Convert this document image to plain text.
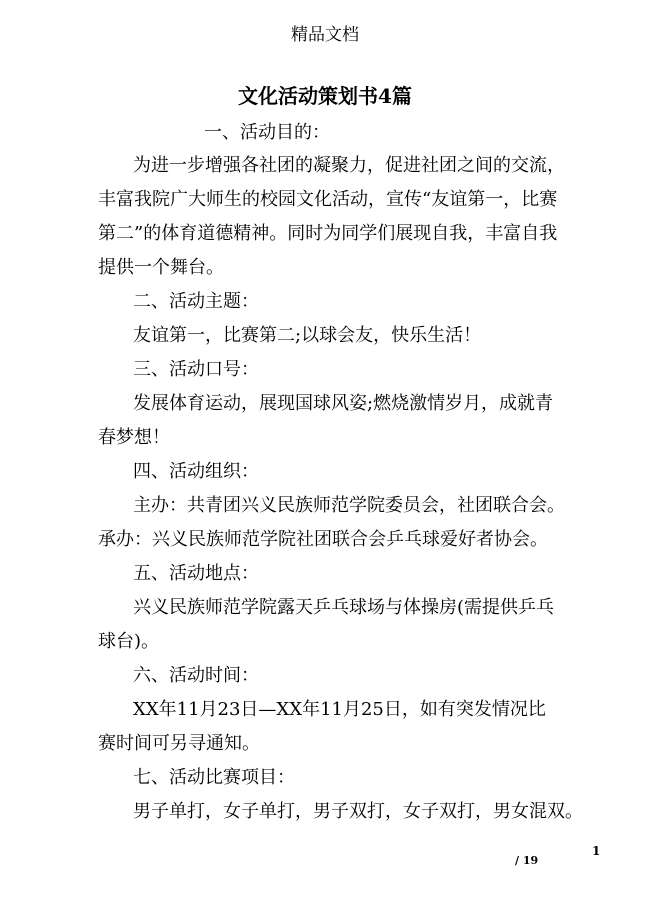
精品文档
文化活动策划书4篇
一、活动目的：
为进一步增强各社团的凝聚力，促进社团之间的交流，
丰富我院广大师生的校园文化活动，宣传“友谊第一，比赛
第二”的体育道德精神。同时为同学们展现自我，丰富自我
提供一个舞台。
二、活动主题：
友谊第一，比赛第二;以球会友，快乐生活！
三、活动口号：
发展体育运动，展现国球风姿;燃烧激情岁月，成就青
春梦想！
四、活动组织：
主办：共青团兴义民族师范学院委员会，社团联合会。
承办：兴义民族师范学院社团联合会乒乓球爱好者协会。
五、活动地点：
兴义民族师范学院露天乒乓球场与体操房(需提供乒乓
球台)。
六、活动时间：
XX年11月23日—XX年11月25日，如有突发情况比
赛时间可另寻通知。
七、活动比赛项目：
男子单打，女子单打，男子双打，女子双打，男女混双。
1
/ 19
